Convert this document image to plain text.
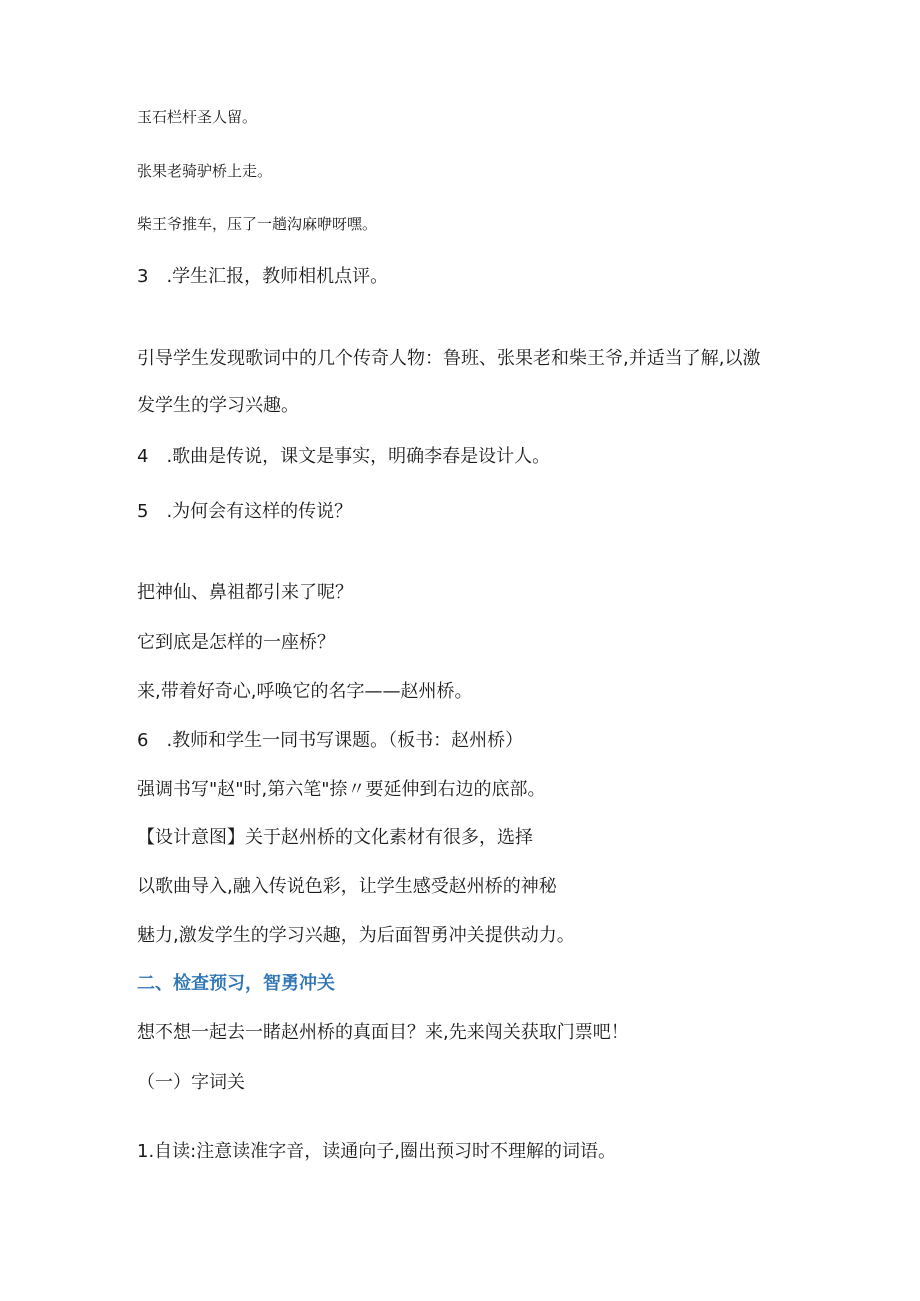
玉石栏杆圣人留。
张果老骑驴桥上走。
柴王爷推车，压了一趟沟麻咿呀嘿。
3　.学生汇报，教师相机点评。
引导学生发现歌词中的几个传奇人物：鲁班、张果老和柴王爷,并适当了解,以激
发学生的学习兴趣。
4　.歌曲是传说，课文是事实，明确李春是设计人。
5　.为何会有这样的传说？
把神仙、鼻祖都引来了呢？
它到底是怎样的一座桥？
来,带着好奇心,呼唤它的名字——赵州桥。
6　.教师和学生一同书写课题。（板书：赵州桥）
强调书写"赵"时,第六笔"捺〃要延伸到右边的底部。
【设计意图】关于赵州桥的文化素材有很多，选择
以歌曲导入,融入传说色彩，让学生感受赵州桥的神秘
魅力,激发学生的学习兴趣，为后面智勇冲关提供动力。
二、检查预习，智勇冲关
想不想一起去一睹赵州桥的真面目？来,先来闯关获取门票吧！
（一）字词关
1.自读:注意读准字音，读通向子,圈出预习时不理解的词语。
